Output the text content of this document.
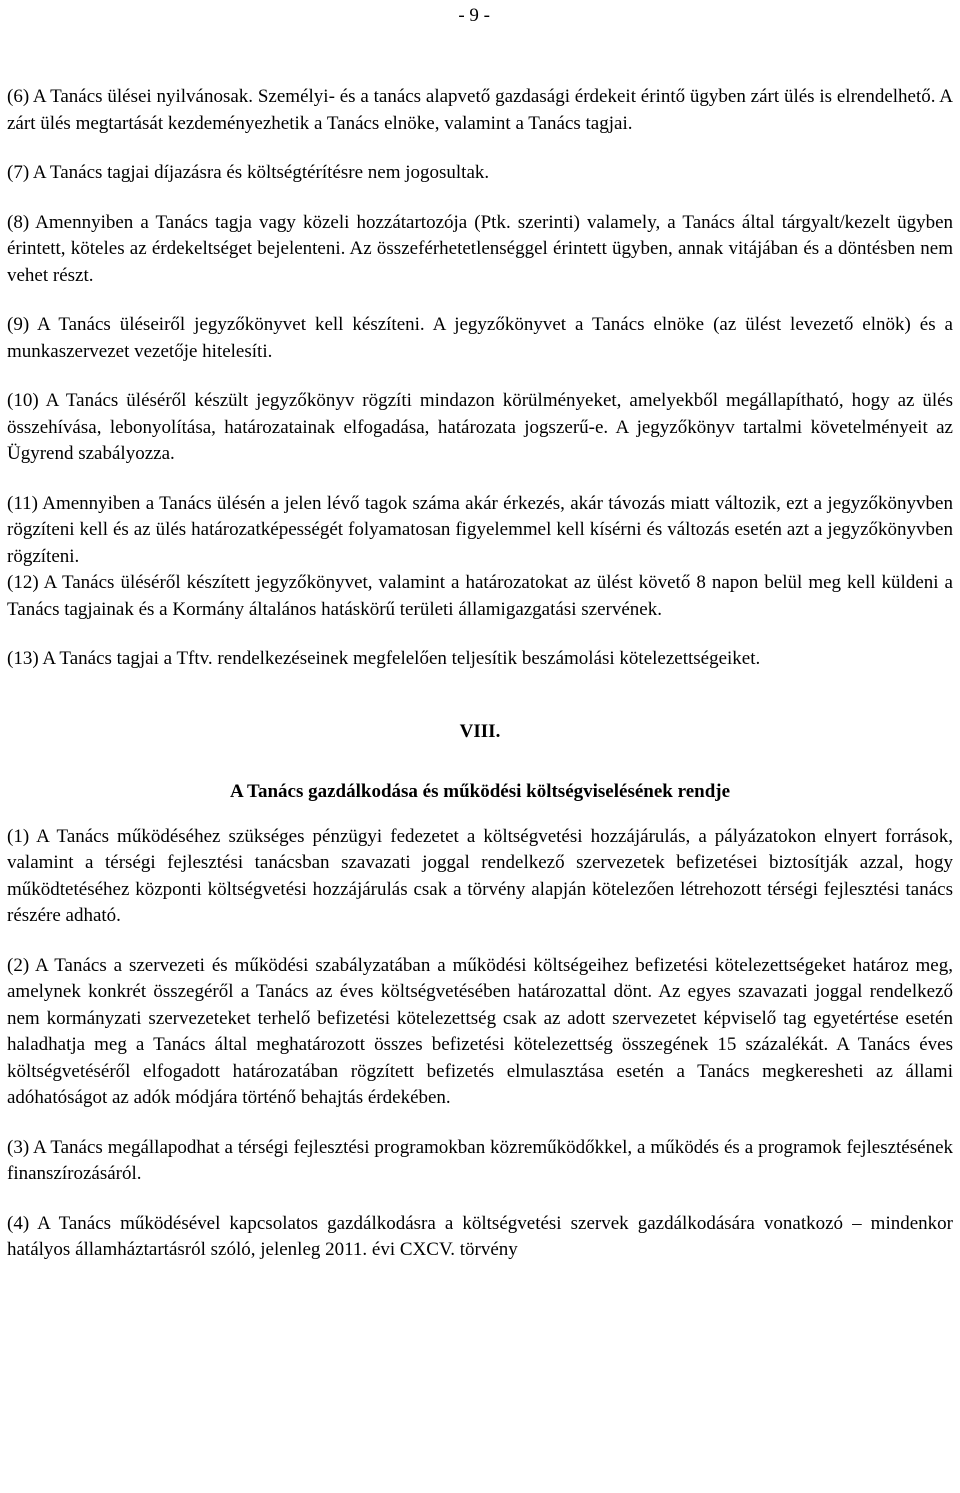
- 9 -

(6) A Tanács ülései nyilvánosak. Személyi- és a tanács alapvető gazdasági érdekeit érintő ügyben zárt ülés is elrendelhető. A zárt ülés megtartását kezdeményezhetik a Tanács elnöke, valamint a Tanács tagjai.

(7) A Tanács tagjai díjazásra és költségtérítésre nem jogosultak.

(8) Amennyiben a Tanács tagja vagy közeli hozzátartozója (Ptk. szerinti) valamely, a Tanács által tárgyalt/kezelt ügyben érintett, köteles az érdekeltséget bejelenteni. Az összeférhetetlenséggel érintett ügyben, annak vitájában és a döntésben nem vehet részt.

(9) A Tanács üléseiről jegyzőkönyvet kell készíteni. A jegyzőkönyvet a Tanács elnöke (az ülést levezető elnök) és a munkaszervezet vezetője hitelesíti.

(10) A Tanács üléséről készült jegyzőkönyv rögzíti mindazon körülményeket, amelyekből megállapítható, hogy az ülés összehívása, lebonyolítása, határozatainak elfogadása, határozata jogszerű-e. A jegyzőkönyv tartalmi követelményeit az Ügyrend szabályozza.

(11) Amennyiben a Tanács ülésén a jelen lévő tagok száma akár érkezés, akár távozás miatt változik, ezt a jegyzőkönyvben rögzíteni kell és az ülés határozatképességét folyamatosan figyelemmel kell kísérni és változás esetén azt a jegyzőkönyvben rögzíteni.

(12) A Tanács üléséről készített jegyzőkönyvet, valamint a határozatokat az ülést követő 8 napon belül meg kell küldeni a Tanács tagjainak és a Kormány általános hatáskörű területi államigazgatási szervének.

(13) A Tanács tagjai a Tftv. rendelkezéseinek megfelelően teljesítik beszámolási kötelezettségeiket.

VIII.
A Tanács gazdálkodása és működési költségviselésének rendje

(1) A Tanács működéséhez szükséges pénzügyi fedezetet a költségvetési hozzájárulás, a pályázatokon elnyert források, valamint a térségi fejlesztési tanácsban szavazati joggal rendelkező szervezetek befizetései biztosítják azzal, hogy működtetéséhez központi költségvetési hozzájárulás csak a törvény alapján kötelezően létrehozott térségi fejlesztési tanács részére adható.

(2) A Tanács a szervezeti és működési szabályzatában a működési költségeihez befizetési kötelezettségeket határoz meg, amelynek konkrét összegéről a Tanács az éves költségvetésében határozattal dönt. Az egyes szavazati joggal rendelkező nem kormányzati szervezeteket terhelő befizetési kötelezettség csak az adott szervezetet képviselő tag egyetértése esetén haladhatja meg a Tanács által meghatározott összes befizetési kötelezettség összegének 15 százalékát. A Tanács éves költségvetéséről elfogadott határozatában rögzített befizetés elmulasztása esetén a Tanács megkeresheti az állami adóhatóságot az adók módjára történő behajtás érdekében.

(3) A Tanács megállapodhat a térségi fejlesztési programokban közreműködőkkel, a működés és a programok fejlesztésének finanszírozásáról.

(4) A Tanács működésével kapcsolatos gazdálkodásra a költségvetési szervek gazdálkodására vonatkozó – mindenkor hatályos államháztartásról szóló, jelenleg 2011. évi CXCV. törvény
